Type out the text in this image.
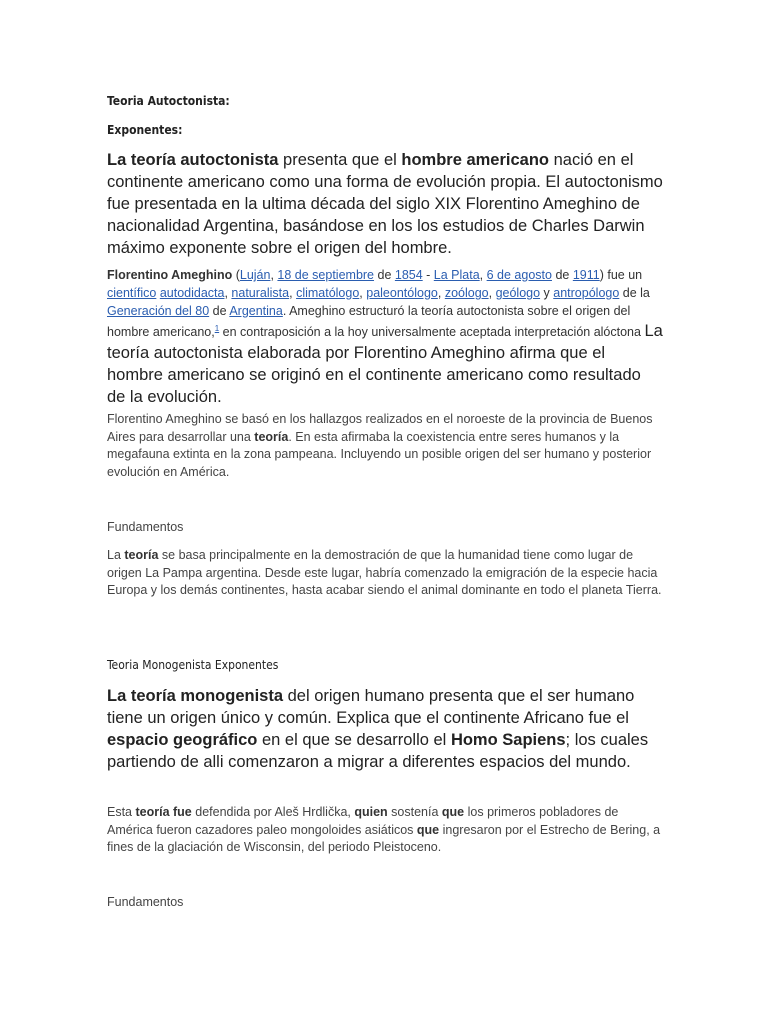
Teoria Autoctonista:
Exponentes:

La teoría autoctonista presenta que el hombre americano nació en el continente americano como una forma de evolución propia. El autoctonismo fue presentada en la ultima década del siglo XIX Florentino Ameghino de nacionalidad Argentina, basándose en los los estudios de Charles Darwin máximo exponente sobre el origen del hombre.

Florentino Ameghino (Luján, 18 de septiembre de 1854 - La Plata, 6 de agosto de 1911) fue un científico autodidacta, naturalista, climatólogo, paleontólogo, zoólogo, geólogo y antropólogo de la Generación del 80 de Argentina. Ameghino estructuró la teoría autoctonista sobre el origen del hombre americano,$^1$ en contraposición a la hoy universalmente aceptada interpretación alóctona La teoría autoctonista elaborada por Florentino Ameghino afirma que el hombre americano se originó en el continente americano como resultado de la evolución.

Florentino Ameghino se basó en los hallazgos realizados en el noroeste de la provincia de Buenos Aires para desarrollar una teoría. En esta afirmaba la coexistencia entre seres humanos y la megafauna extinta en la zona pampeana. Incluyendo un posible origen del ser humano y posterior evolución en América.

Fundamentos

La teoría se basa principalmente en la demostración de que la humanidad tiene como lugar de origen La Pampa argentina. Desde este lugar, habría comenzado la emigración de la especie hacia Europa y los demás continentes, hasta acabar siendo el animal dominante en todo el planeta Tierra.

Teoria Monogenista Exponentes

La teoría monogenista del origen humano presenta que el ser humano tiene un origen único y común. Explica que el continente Africano fue el espacio geográfico en el que se desarrollo el Homo Sapiens; los cuales partiendo de alli comenzaron a migrar a diferentes espacios del mundo.

Esta teoría fue defendida por Aleš Hrdlička, quien sostenía que los primeros pobladores de América fueron cazadores paleo mongoloides asiáticos que ingresaron por el Estrecho de Bering, a fines de la glaciación de Wisconsin, del periodo Pleistoceno.

Fundamentos
